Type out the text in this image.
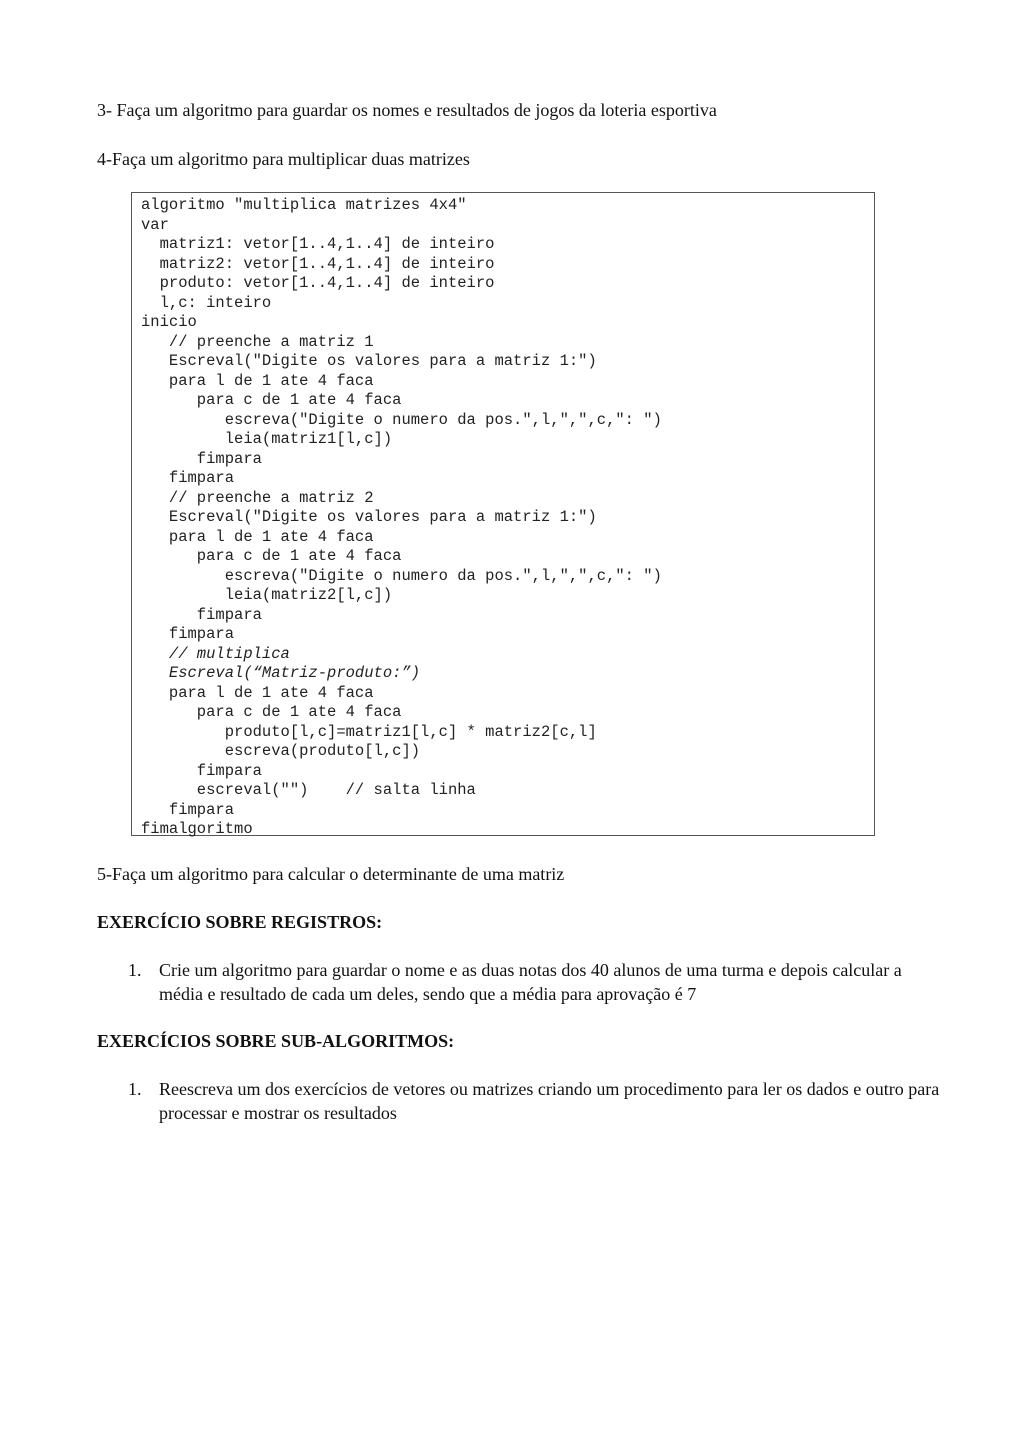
3- Faça um algoritmo para guardar os nomes e resultados de jogos da loteria esportiva
4-Faça um algoritmo para multiplicar duas matrizes
algoritmo "multiplica matrizes 4x4"
var
matriz1: vetor[1..4,1..4] de inteiro
matriz2: vetor[1..4,1..4] de inteiro
produto: vetor[1..4,1..4] de inteiro
l,c: inteiro
inicio
// preenche a matriz 1
Escreval("Digite os valores para a matriz 1:")
para l de 1 ate 4 faca
para c de 1 ate 4 faca
escreva("Digite o numero da pos.",l,",",c,": ")
leia(matriz1[l,c])
fimpara
fimpara
// preenche a matriz 2
Escreval("Digite os valores para a matriz 1:")
para l de 1 ate 4 faca
para c de 1 ate 4 faca
escreva("Digite o numero da pos.",l,",",c,": ")
leia(matriz2[l,c])
fimpara
fimpara
// multiplica
Escreval(“Matriz-produto:”)
para l de 1 ate 4 faca
para c de 1 ate 4 faca
produto[l,c]=matriz1[l,c] * matriz2[c,l]
escreva(produto[l,c])
fimpara
escreval("")    // salta linha
fimpara
fimalgoritmo
5-Faça um algoritmo para calcular o determinante de uma matriz
EXERCÍCIO SOBRE REGISTROS:
1. Crie um algoritmo para guardar o nome e as duas notas dos 40 alunos de uma turma e depois calcular a média e resultado de cada um deles, sendo que a média para aprovação é 7
EXERCÍCIOS SOBRE SUB-ALGORITMOS:
1. Reescreva um dos exercícios de vetores ou matrizes criando um procedimento para ler os dados e outro para processar e mostrar os resultados
